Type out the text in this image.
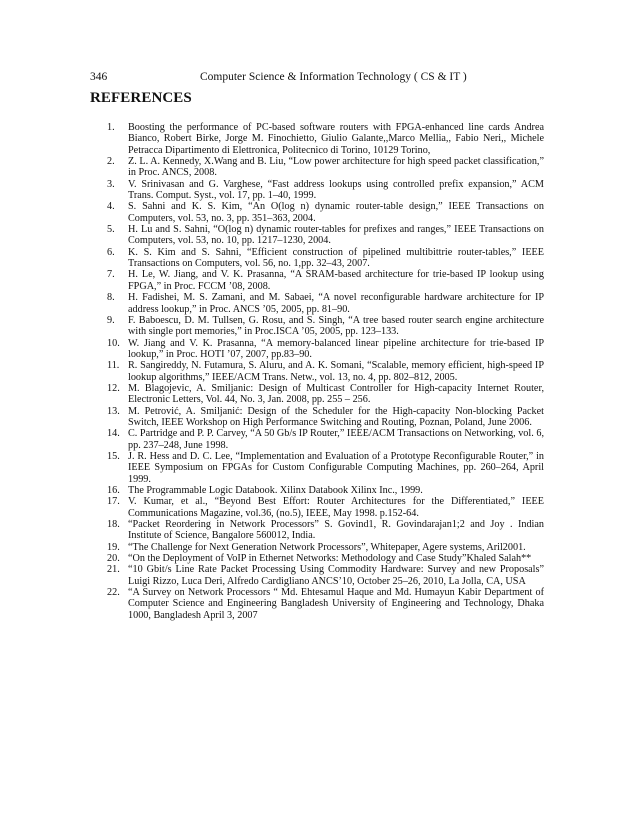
346	Computer Science & Information Technology ( CS & IT )
REFERENCES
1.	Boosting the performance of PC-based software routers with FPGA-enhanced line cards Andrea Bianco, Robert Birke, Jorge M. Finochietto, Giulio Galante,,Marco Mellia,, Fabio Neri,, Michele Petracca Dipartimento di Elettronica, Politecnico di Torino, 10129 Torino,
2.	Z. L. A. Kennedy, X.Wang and B. Liu, “Low power architecture for high speed packet classification,” in Proc. ANCS, 2008.
3.	V. Srinivasan and G. Varghese, “Fast address lookups using controlled prefix expansion,” ACM Trans. Comput. Syst., vol. 17, pp. 1–40, 1999.
4.	S. Sahni and K. S. Kim, “An O(log n) dynamic router-table design,” IEEE Transactions on Computers, vol. 53, no. 3, pp. 351–363, 2004.
5.	H. Lu and S. Sahni, “O(log n) dynamic router-tables for prefixes and ranges,” IEEE Transactions on Computers, vol. 53, no. 10, pp. 1217–1230, 2004.
6.	K. S. Kim and S. Sahni, “Efficient construction of pipelined multibittrie router-tables,” IEEE Transactions on Computers, vol. 56, no. 1,pp. 32–43, 2007.
7.	H. Le, W. Jiang, and V. K. Prasanna, “A SRAM-based architecture for trie-based IP lookup using FPGA,” in Proc. FCCM ’08, 2008.
8.	H. Fadishei, M. S. Zamani, and M. Sabaei, “A novel reconfigurable hardware architecture for IP address lookup,” in Proc. ANCS ’05, 2005, pp. 81–90.
9.	F. Baboescu, D. M. Tullsen, G. Rosu, and S. Singh, “A tree based router search engine architecture with single port memories,” in Proc.ISCA ’05, 2005, pp. 123–133.
10. W. Jiang and V. K. Prasanna, “A memory-balanced linear pipeline architecture for trie-based IP lookup,” in Proc. HOTI ’07, 2007, pp.83–90.
11. R. Sangireddy, N. Futamura, S. Aluru, and A. K. Somani, “Scalable, memory efficient, high-speed IP lookup algorithms,” IEEE/ACM Trans. Netw., vol. 13, no. 4, pp. 802–812, 2005.
12. M. Blagojevic, A. Smiljanic: Design of Multicast Controller for High-capacity Internet Router, Electronic Letters, Vol. 44, No. 3, Jan. 2008, pp. 255 – 256.
13. M. Petrović, A. Smiljanić: Design of the Scheduler for the High-capacity Non-blocking Packet Switch, IEEE Workshop on High Performance Switching and Routing, Poznan, Poland, June 2006.
14. C. Partridge and P. P. Carvey, “A 50 Gb/s IP Router,” IEEE/ACM Transactions on Networking, vol. 6, pp. 237–248, June 1998.
15. J. R. Hess and D. C. Lee, “Implementation and Evaluation of a Prototype Reconfigurable Router,” in IEEE Symposium on FPGAs for Custom Configurable Computing Machines, pp. 260–264, April 1999.
16. The Programmable Logic Databook. Xilinx Databook Xilinx Inc., 1999.
17. V. Kumar, et al., “Beyond Best Effort: Router Architectures for the Differentiated,” IEEE Communications Magazine, vol.36, (no.5), IEEE, May 1998. p.152-64.
18. “Packet Reordering in Network Processors” S. Govind1, R. Govindarajan1;2 and Joy . Indian Institute of Science, Bangalore 560012, India.
19. “The Challenge for Next Generation Network Processors”, Whitepaper, Agere systems, Aril2001.
20. “On the Deployment of VoIP in Ethernet Networks: Methodology and Case Study”Khaled Salah**
21. “10 Gbit/s Line Rate Packet Processing Using Commodity Hardware: Survey and new Proposals” Luigi Rizzo, Luca Deri, Alfredo Cardigliano ANCS’10, October 25–26, 2010, La Jolla, CA, USA
22. “A Survey on Network Processors “ Md. Ehtesamul Haque and Md. Humayun Kabir Department of Computer Science and Engineering Bangladesh University of Engineering and Technology, Dhaka 1000, Bangladesh April 3, 2007
